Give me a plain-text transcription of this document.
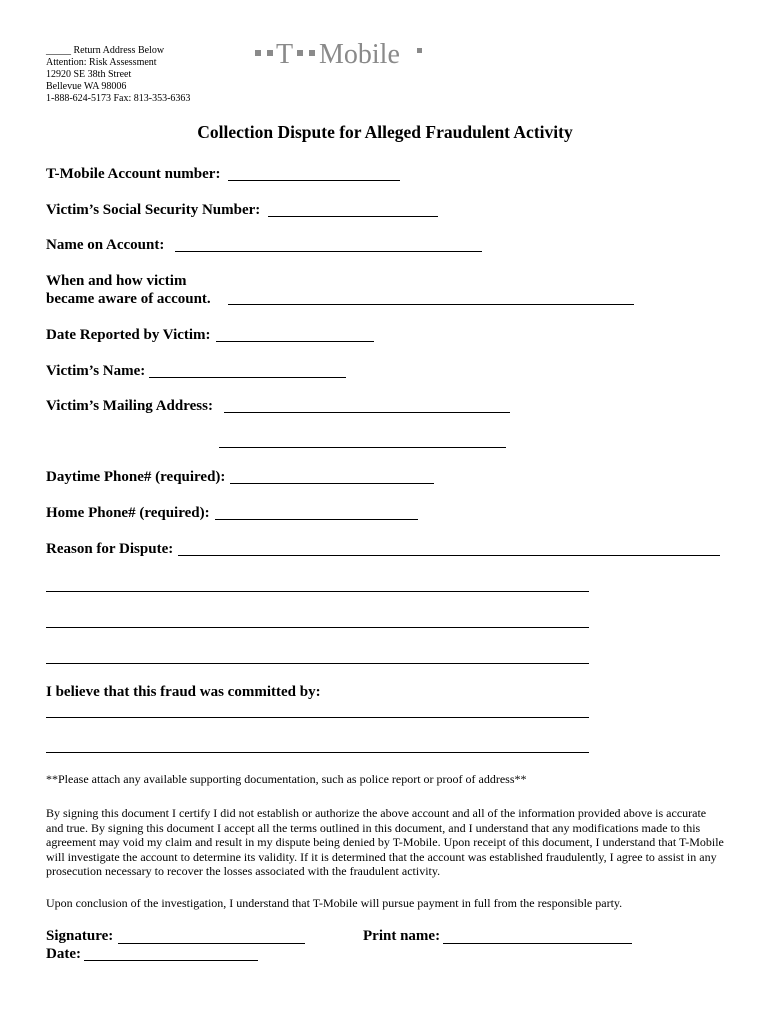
_____ Return Address Below
Attention: Risk Assessment
12920 SE 38th Street
Bellevue WA 98006
1-888-624-5173 Fax: 813-353-6363
T Mobile
Collection Dispute for Alleged Fraudulent Activity
T-Mobile Account number:
Victim’s Social Security Number:
Name on Account:
When and how victim
became aware of account.
Date Reported by Victim:
Victim’s Name:
Victim’s Mailing Address:
Daytime Phone# (required):
Home Phone# (required):
Reason for Dispute:
I believe that this fraud was committed by:
**Please attach any available supporting documentation, such as police report or proof of address**
By signing this document I certify I did not establish or authorize the above account and all of the information provided above is accurate and true. By signing this document I accept all the terms outlined in this document, and I understand that any modifications made to this agreement may void my claim and result in my dispute being denied by T-Mobile. Upon receipt of this document, I understand that T-Mobile will investigate the account to determine its validity. If it is determined that the account was established fraudulently, I agree to assist in any prosecution necessary to recover the losses associated with the fraudulent activity.
Upon conclusion of the investigation, I understand that T-Mobile will pursue payment in full from the responsible party.
Signature:	Print name:
Date:
